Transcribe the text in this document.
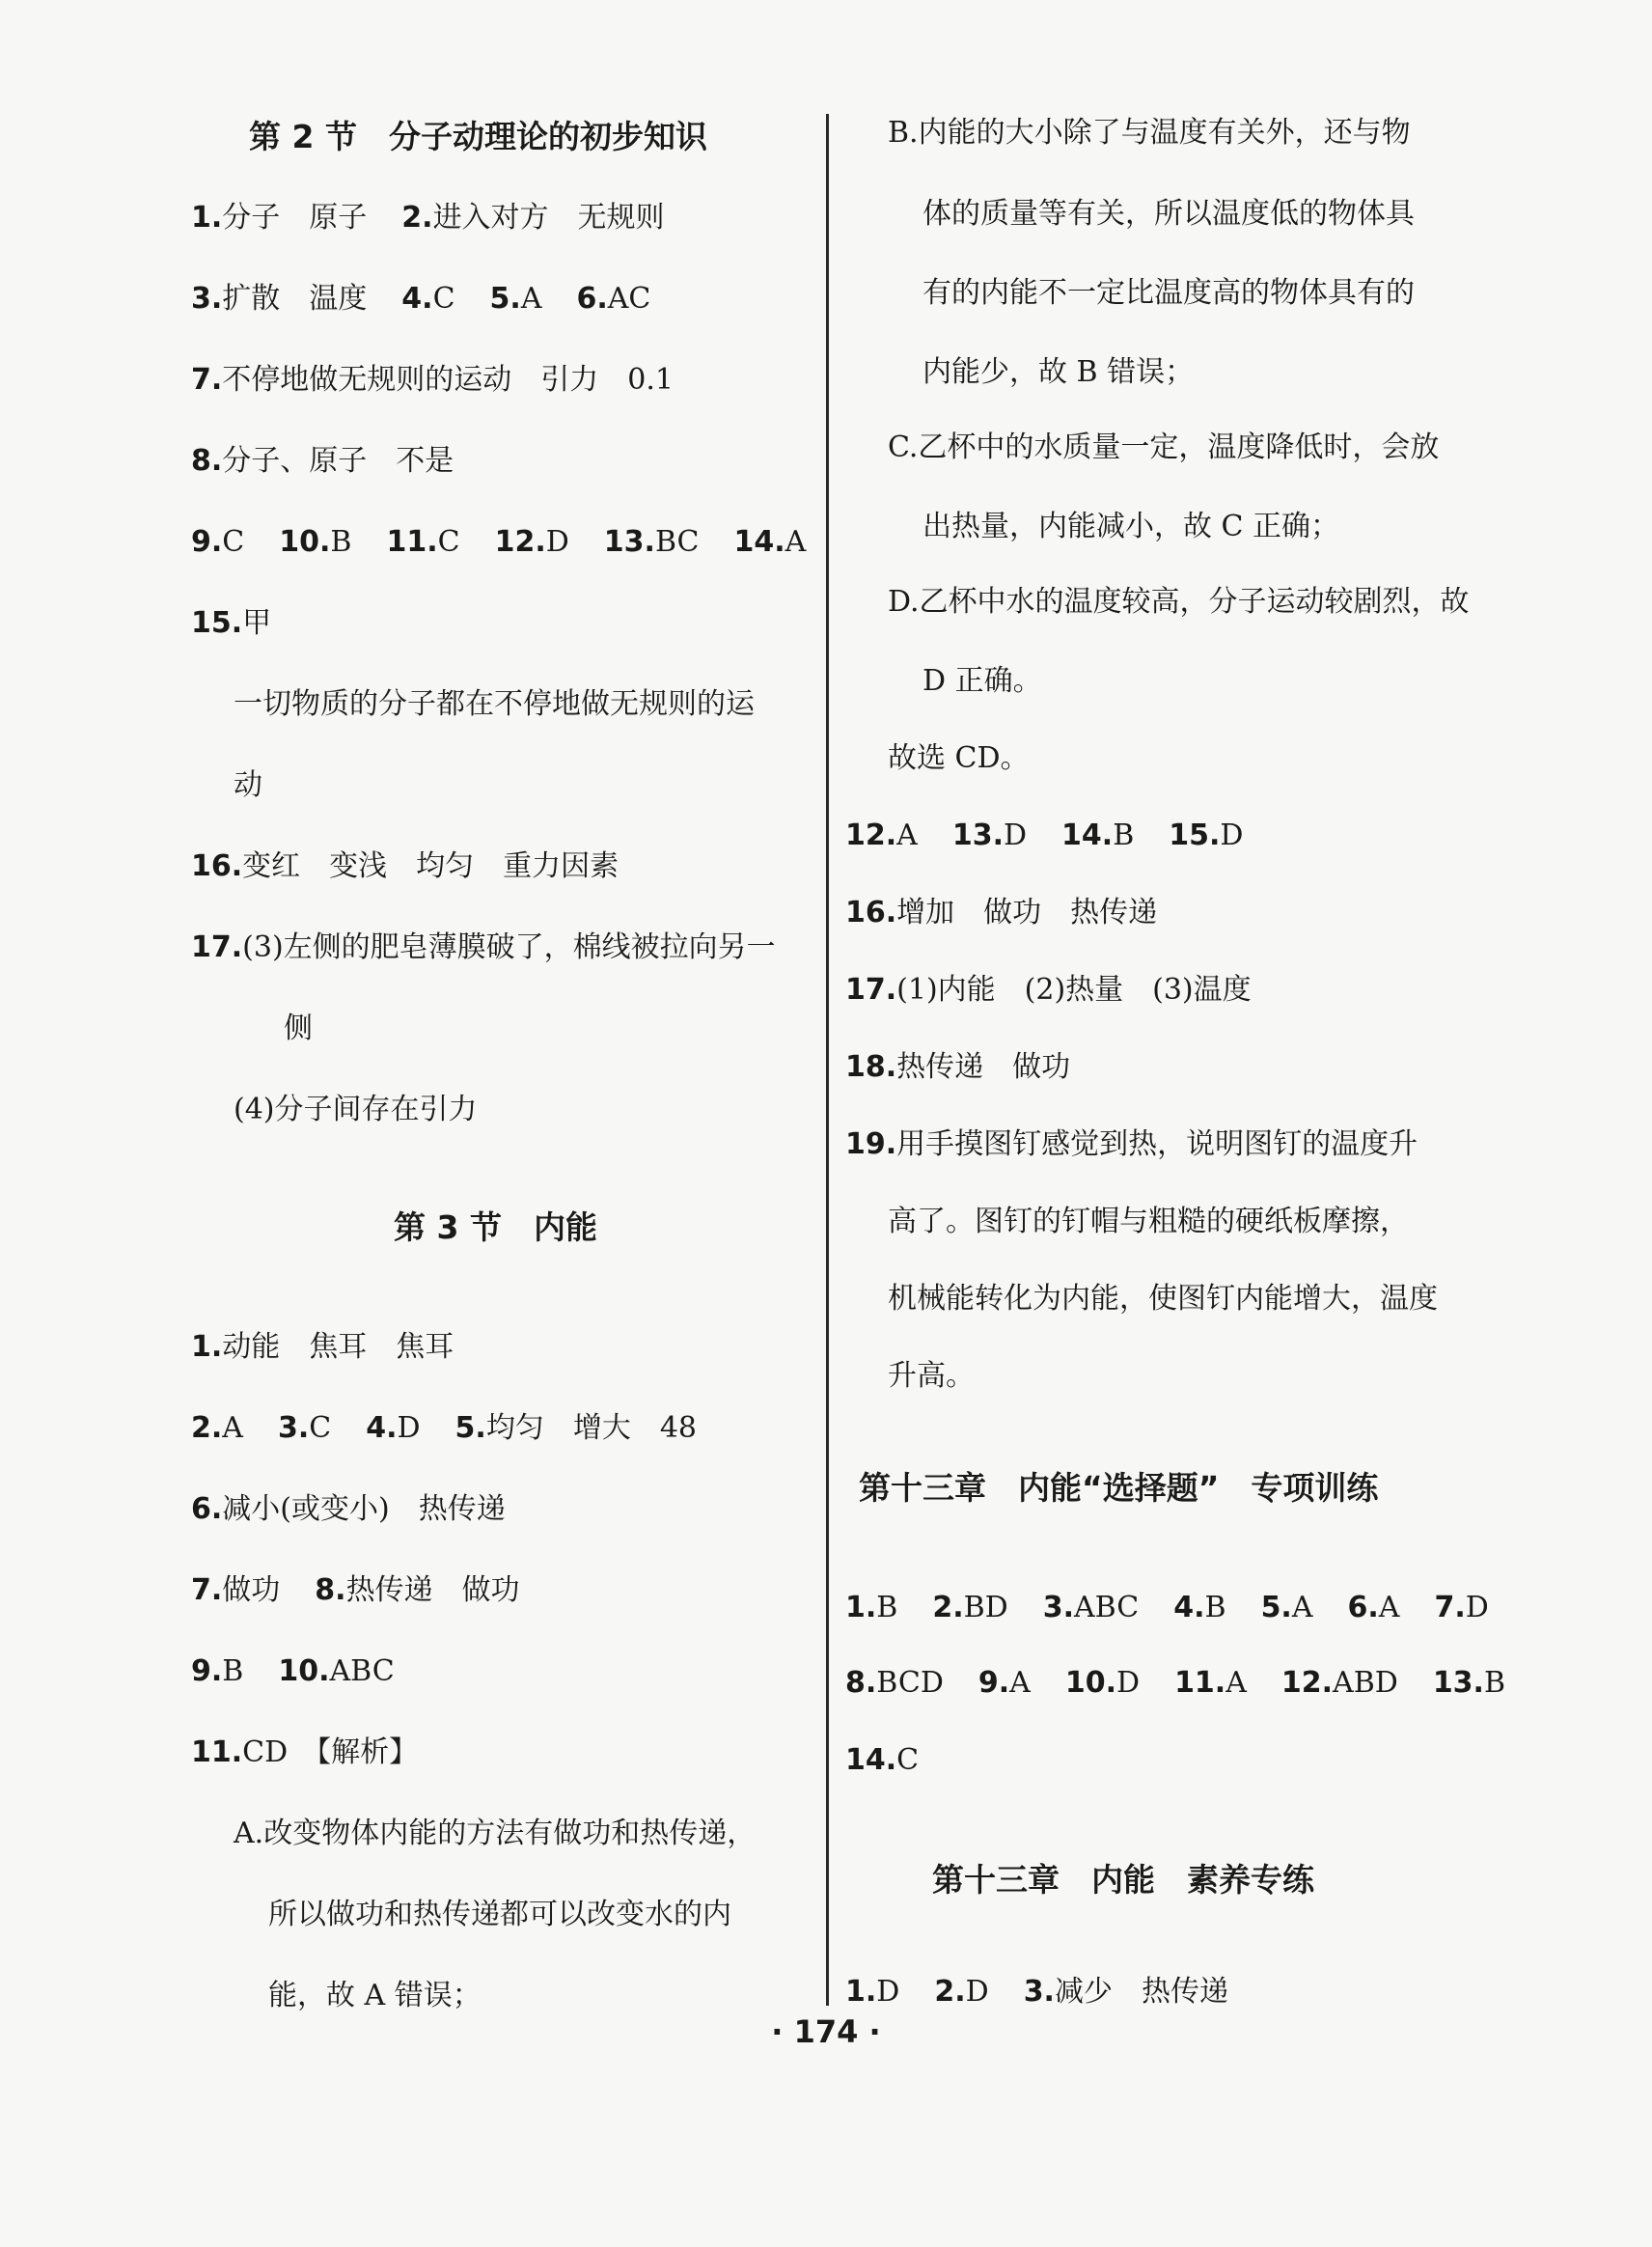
第 2 节　分子动理论的初步知识
1.分子　原子 2.进入对方　无规则
3.扩散　温度 4.C 5.A 6.AC
7.不停地做无规则的运动　引力　0.1
8.分子、原子　不是
9.C 10.B 11.C 12.D 13.BC 14.A
15.甲
一切物质的分子都在不停地做无规则的运
动
16.变红　变浅　均匀　重力因素
17.(3)左侧的肥皂薄膜破了，棉线被拉向另一
侧
(4)分子间存在引力
第 3 节　内能
1.动能　焦耳　焦耳
2.A 3.C 4.D 5.均匀　增大　48
6.减小(或变小)　热传递
7.做功 8.热传递　做功
9.B 10.ABC
11.CD　【解析】
A.改变物体内能的方法有做功和热传递，
所以做功和热传递都可以改变水的内
能，故 A 错误；
B.内能的大小除了与温度有关外，还与物
体的质量等有关，所以温度低的物体具
有的内能不一定比温度高的物体具有的
内能少，故 B 错误；
C.乙杯中的水质量一定，温度降低时，会放
出热量，内能减小，故 C 正确；
D.乙杯中水的温度较高，分子运动较剧烈，故
D 正确。
故选 CD。
12.A 13.D 14.B 15.D
16.增加　做功　热传递
17.(1)内能　(2)热量　(3)温度
18.热传递　做功
19.用手摸图钉感觉到热，说明图钉的温度升
高了。图钉的钉帽与粗糙的硬纸板摩擦，
机械能转化为内能，使图钉内能增大，温度
升高。
第十三章　内能“选择题”　专项训练
1.B 2.BD 3.ABC 4.B 5.A 6.A 7.D
8.BCD 9.A 10.D 11.A 12.ABD 13.B
14.C
第十三章　内能　素养专练
1.D 2.D 3.减少　热传递
· 174 ·
